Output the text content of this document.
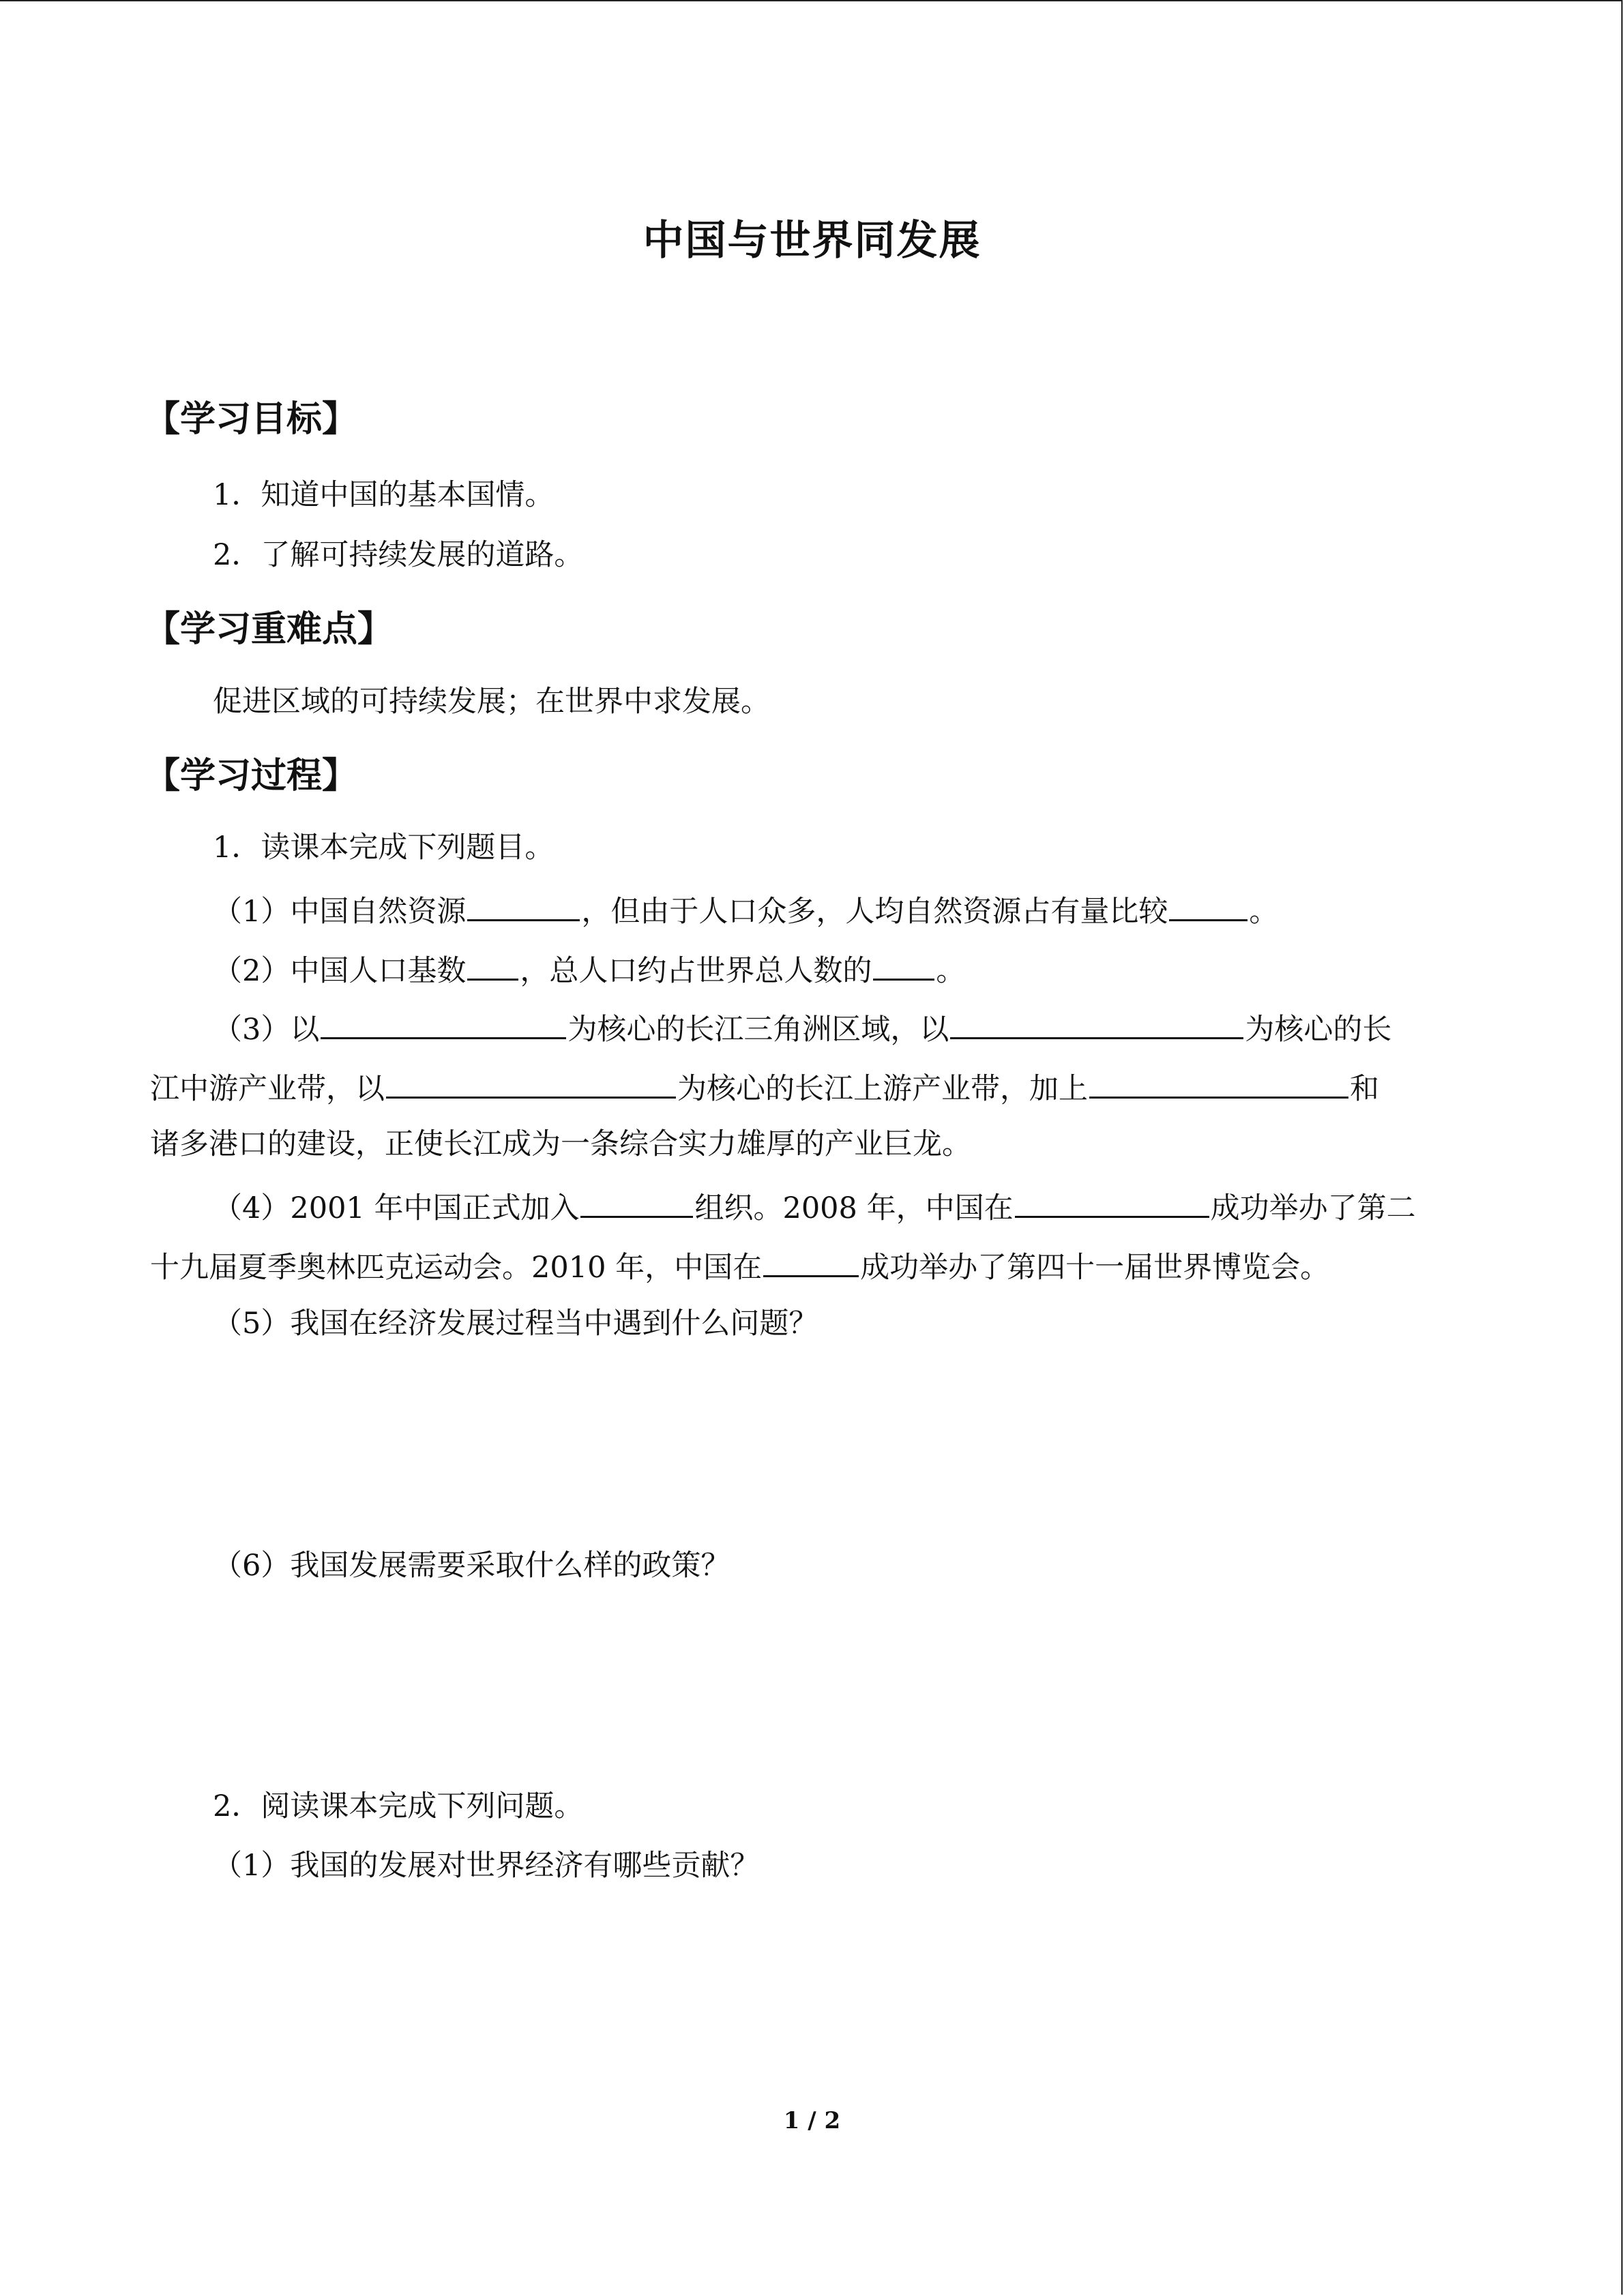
中国与世界同发展
【学习目标】
1．知道中国的基本国情。
2．了解可持续发展的道路。
【学习重难点】
促进区域的可持续发展；在世界中求发展。
【学习过程】
1．读课本完成下列题目。
（1）中国自然资源	，但由于人口众多，人均自然资源占有量比较	。
（2）中国人口基数 ，总人口约占世界总人数的 。
（3）以	为核心的长江三角洲区域，以	为核心的长
江中游产业带，以	为核心的长江上游产业带，加上	和
诸多港口的建设，正使长江成为一条综合实力雄厚的产业巨龙。
（4）2001 年中国正式加入	组织。2008 年，中国在	成功举办了第二
十九届夏季奥林匹克运动会。2010 年，中国在	成功举办了第四十一届世界博览会。
（5）我国在经济发展过程当中遇到什么问题？
（6）我国发展需要采取什么样的政策？
2．阅读课本完成下列问题。
（1）我国的发展对世界经济有哪些贡献？
1 / 2
